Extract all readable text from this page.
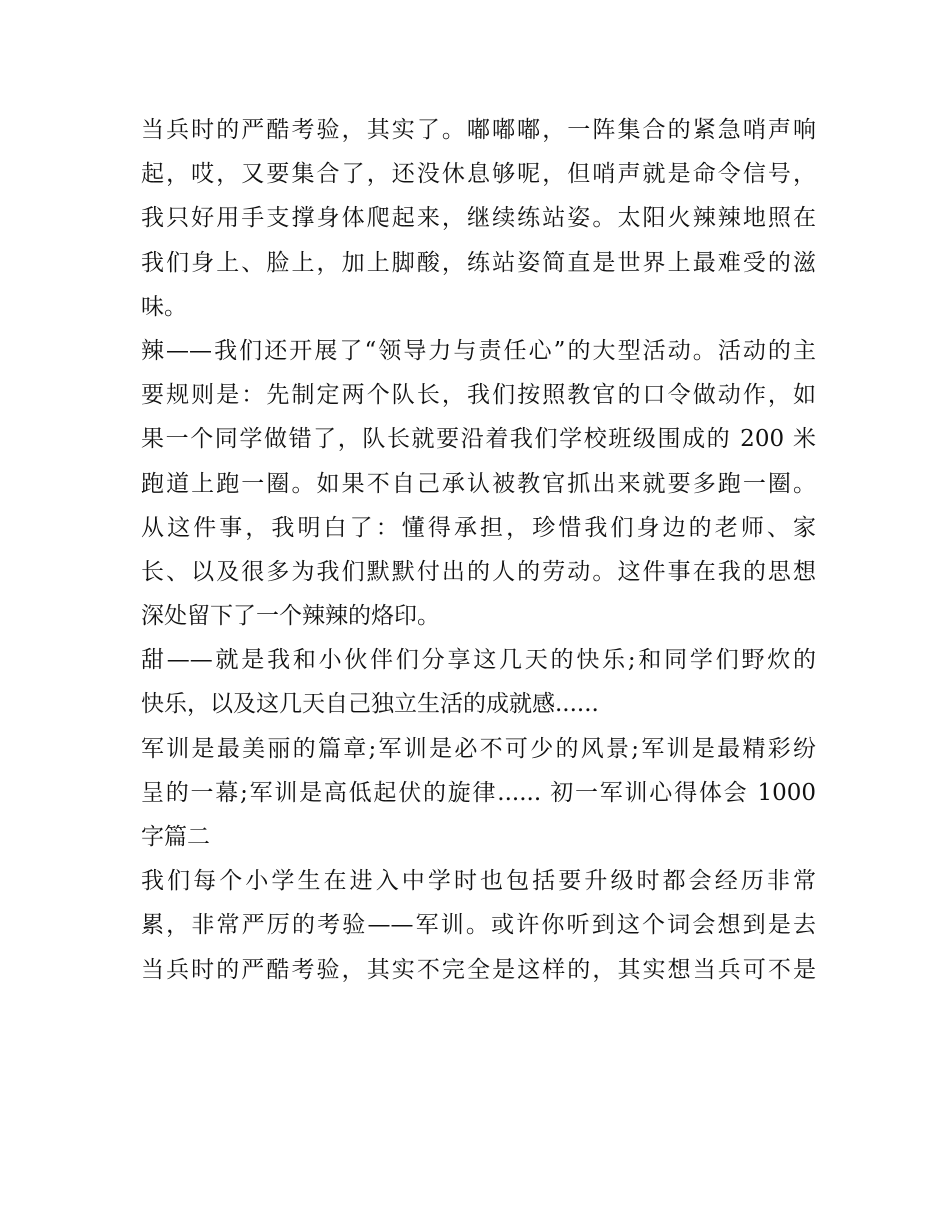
当兵时的严酷考验，其实了。嘟嘟嘟，一阵集合的紧急哨声响
起，哎，又要集合了，还没休息够呢，但哨声就是命令信号，
我只好用手支撑身体爬起来，继续练站姿。太阳火辣辣地照在
我们身上、脸上，加上脚酸，练站姿简直是世界上最难受的滋
味。
辣——我们还开展了“领导力与责任心”的大型活动。活动的主
要规则是：先制定两个队长，我们按照教官的口令做动作，如
果一个同学做错了，队长就要沿着我们学校班级围成的 200 米
跑道上跑一圈。如果不自己承认被教官抓出来就要多跑一圈。
从这件事，我明白了：懂得承担，珍惜我们身边的老师、家
长、以及很多为我们默默付出的人的劳动。这件事在我的思想
深处留下了一个辣辣的烙印。
甜——就是我和小伙伴们分享这几天的快乐;和同学们野炊的
快乐，以及这几天自己独立生活的成就感......
军训是最美丽的篇章;军训是必不可少的风景;军训是最精彩纷
呈的一幕;军训是高低起伏的旋律...... 初一军训心得体会 1000
字篇二
我们每个小学生在进入中学时也包括要升级时都会经历非常
累，非常严厉的考验——军训。或许你听到这个词会想到是去
当兵时的严酷考验，其实不完全是这样的，其实想当兵可不是
